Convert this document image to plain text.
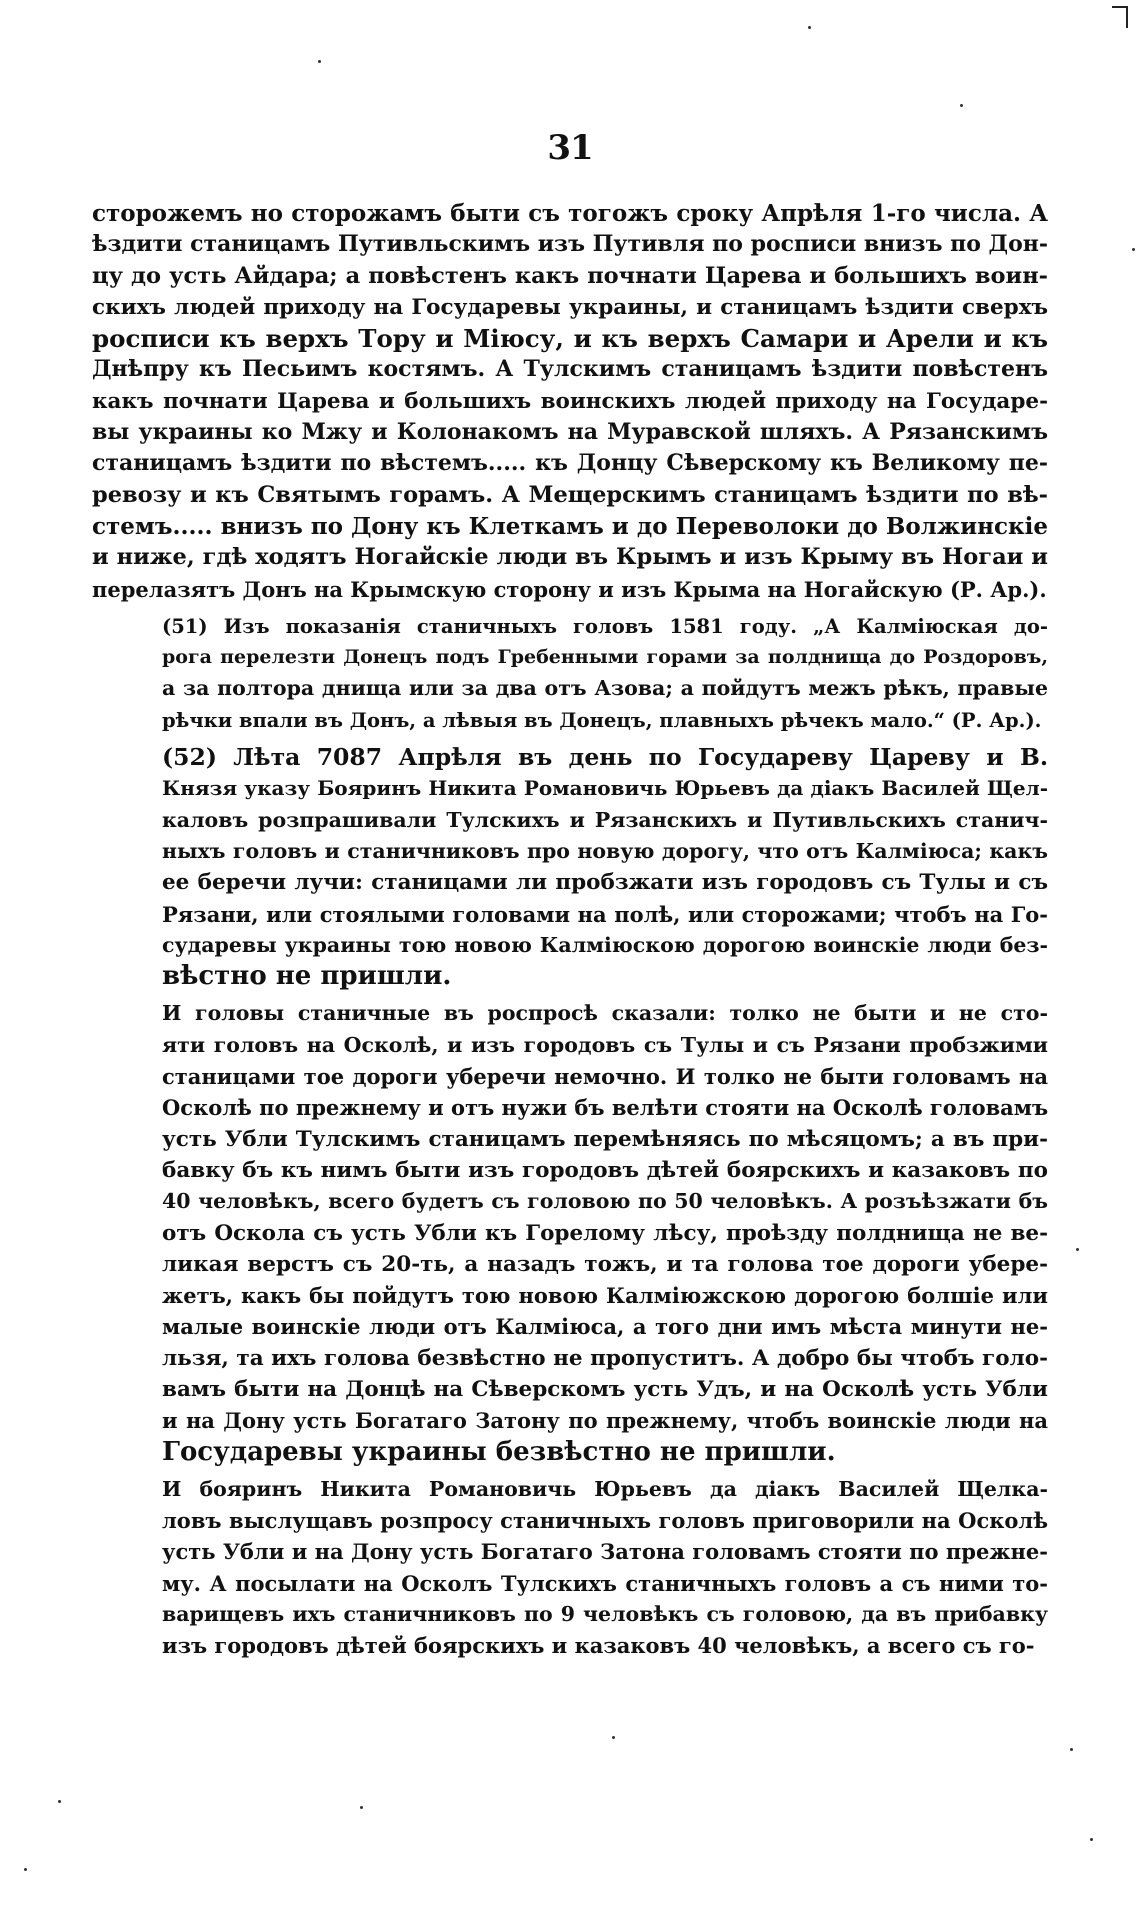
31

сторожемъ но сторожамъ быти съ тогожъ сроку Апрѣля 1-го числа. А
ѣздити станицамъ Путивльскимъ изъ Путивля по росписи внизъ по Дон-
цу до усть Айдара; а повѣстенъ какъ почнати Царева и большихъ воин-
скихъ людей приходу на Государевы украины, и станицамъ ѣздити сверхъ
росписи къ верхъ Тору и Міюсу, и къ верхъ Самари и Арели и къ
Днѣпру къ Песьимъ костямъ. А Тулскимъ станицамъ ѣздити повѣстенъ
какъ почнати Царева и большихъ воинскихъ людей приходу на Государе-
вы украины ко Мжу и Колонакомъ на Муравской шляхъ. А Рязанскимъ
станицамъ ѣздити по вѣстемъ..... къ Донцу Сѣверскому къ Великому пе-
ревозу и къ Святымъ горамъ. А Мещерскимъ станицамъ ѣздити по вѣ-
стемъ..... внизъ по Дону къ Клеткамъ и до Переволоки до Волжинскіе
и ниже, гдѣ ходятъ Ногайскіе люди въ Крымъ и изъ Крыму въ Ногаи и
перелазятъ Донъ на Крымскую сторону и изъ Крыма на Ногайскую (Р. Ар.).

(51) Изъ показанія станичныхъ головъ 1581 году. „А Калміюская до-
рога перелезти Донецъ подъ Гребенными горами за полднища до Роздоровъ,
а за полтора днища или за два отъ Азова; а пойдутъ межъ рѣкъ, правые
рѣчки впали въ Донъ, а лѣвыя въ Донецъ, плавныхъ рѣчекъ мало.“ (Р. Ар.).

(52) Лѣта 7087 Апрѣля въ день по Государеву Цареву и В.
Князя указу Бояринъ Никита Романовичь Юрьевъ да діакъ Василей Щел-
каловъ розпрашивали Тулскихъ и Рязанскихъ и Путивльскихъ станич-
ныхъ головъ и станичниковъ про новую дорогу, что отъ Калміюса; какъ
ее беречи лучи: станицами ли пробзжати изъ городовъ съ Тулы и съ
Рязани, или стоялыми головами на полѣ, или сторожами; чтобъ на Го-
сударевы украины тою новою Калміюскою дорогою воинскіе люди без-
вѣстно не пришли.

И головы станичные въ роспросѣ сказали: толко не быти и не сто-
яти головъ на Осколѣ, и изъ городовъ съ Тулы и съ Рязани пробзжими
станицами тое дороги уберечи немочно. И толко не быти головамъ на
Осколѣ по прежнему и отъ нужи бъ велѣти стояти на Осколѣ головамъ
усть Убли Тулскимъ станицамъ перемѣняясь по мѣсяцомъ; а въ при-
бавку бъ къ нимъ быти изъ городовъ дѣтей боярскихъ и казаковъ по
40 человѣкъ, всего будетъ съ головою по 50 человѣкъ. А розъѣзжати бъ
отъ Оскола съ усть Убли къ Горелому лѣсу, проѣзду полднища не ве-
ликая верстъ съ 20-ть, а назадъ тожъ, и та голова тое дороги убере-
жетъ, какъ бы пойдутъ тою новою Калміюжскою дорогою болшіе или
малые воинскіе люди отъ Калміюса, а того дни имъ мѣста минути не-
льзя, та ихъ голова безвѣстно не пропуститъ. А добро бы чтобъ голо-
вамъ быти на Донцѣ на Сѣверскомъ усть Удъ, и на Осколѣ усть Убли
и на Дону усть Богатаго Затону по прежнему, чтобъ воинскіе люди на
Государевы украины безвѣстно не пришли.

И бояринъ Никита Романовичь Юрьевъ да діакъ Василей Щелка-
ловъ выслущавъ розпросу станичныхъ головъ приговорили на Осколѣ
усть Убли и на Дону усть Богатаго Затона головамъ стояти по прежне-
му. А посылати на Осколъ Тулскихъ станичныхъ головъ а съ ними то-
варищевъ ихъ станичниковъ по 9 человѣкъ съ головою, да въ прибавку
изъ городовъ дѣтей боярскихъ и казаковъ 40 человѣкъ, а всего съ го-
